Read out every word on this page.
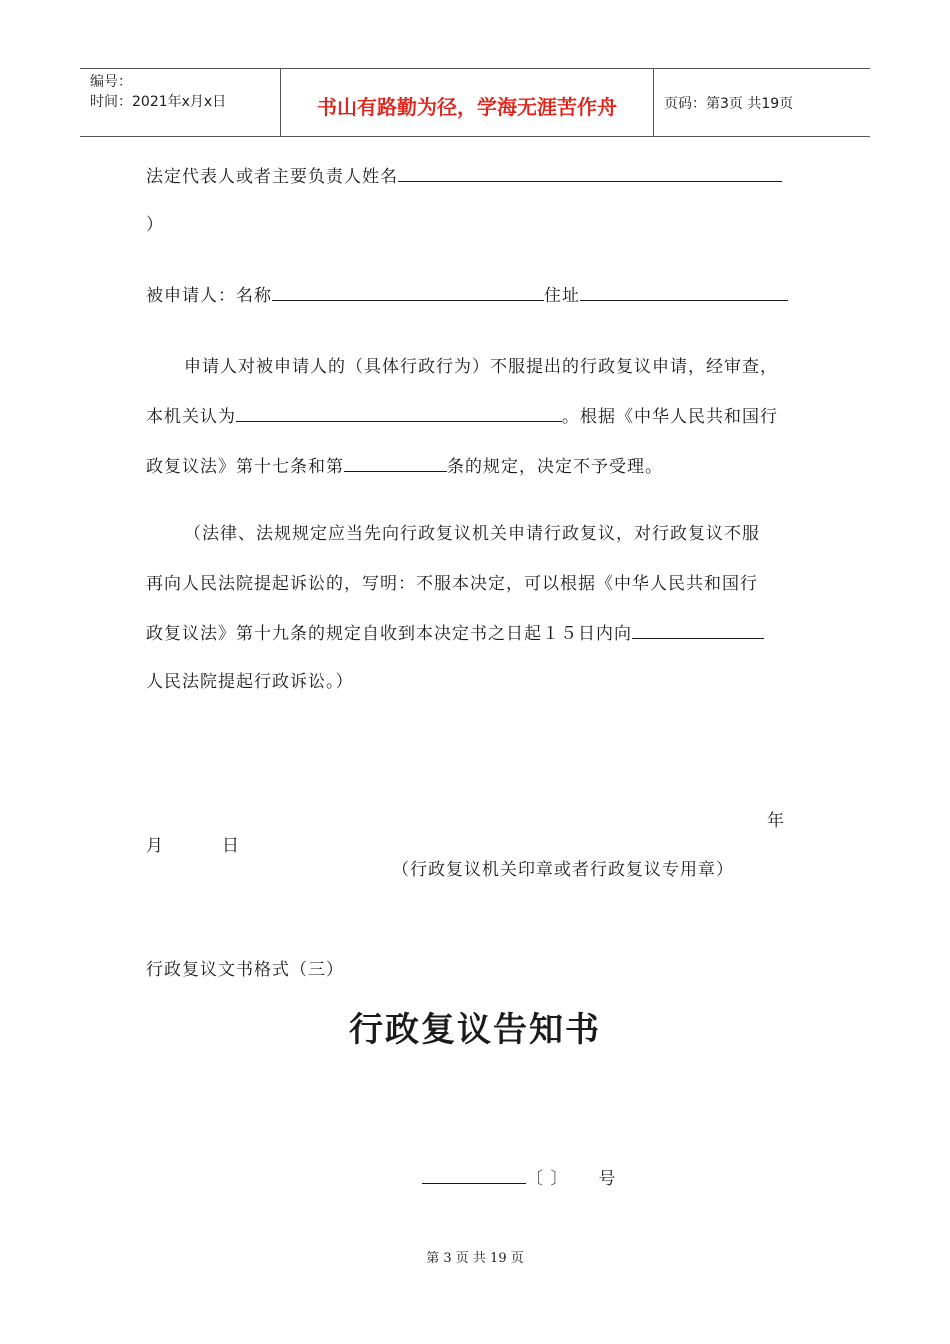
编号：
时间：2021年x月x日	书山有路勤为径，学海无涯苦作舟	页码：第3页 共19页
法定代表人或者主要负责人姓名
）
被申请人：名称	住址
申请人对被申请人的（具体行政行为）不服提出的行政复议申请，经审查，
本机关认为	。根据《中华人民共和国行
政复议法》第十七条和第	条的规定，决定不予受理。
（法律、法规规定应当先向行政复议机关申请行政复议，对行政复议不服
再向人民法院提起诉讼的，写明：不服本决定，可以根据《中华人民共和国行
政复议法》第十九条的规定自收到本决定书之日起１５日内向
人民法院提起行政诉讼。）
年
月	日
（行政复议机关印章或者行政复议专用章）
行政复议文书格式（三）
行政复议告知书
〔 〕 号
第 3 页 共 19 页
